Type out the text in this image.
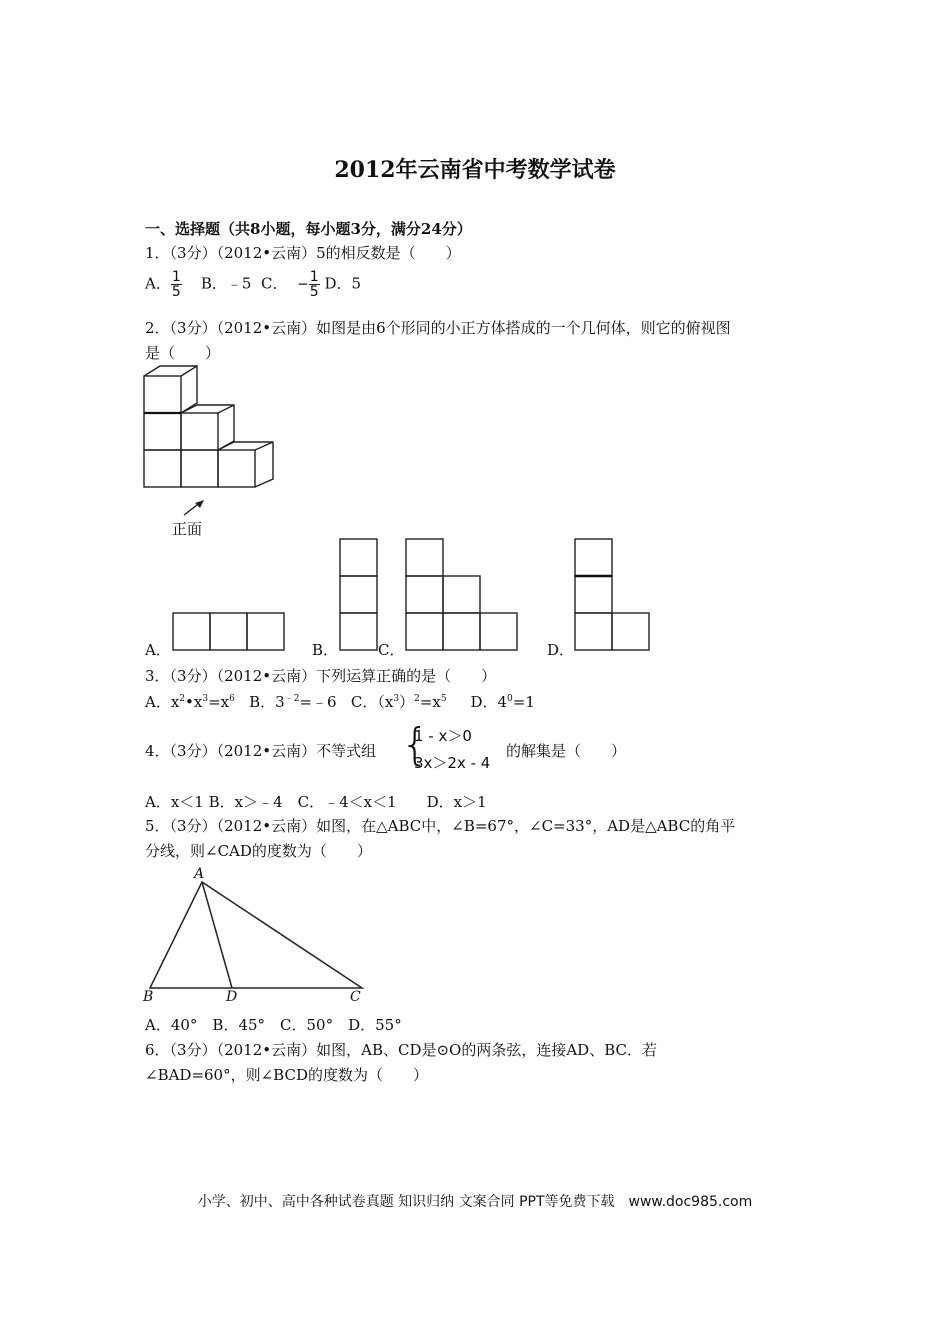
2012年云南省中考数学试卷
一、选择题（共8小题，每小题3分，满分24分）
1．（3分）（2012•云南）5的相反数是（　　）
A． $\frac{1}{5}$ B．﹣5 C． − $\frac{1}{5}$ D．5
2．（3分）（2012•云南）如图是由6个形同的小正方体搭成的一个几何体，则它的俯视图
是（　　）
正面
A．	B．	C．	D．
3．（3分）（2012•云南）下列运算正确的是（　　）
A．$x^2•x^3=x^6$ B．$3^{﹣2}=﹣6$ C．$(x^3)^2=x^5$ D．$4^0=1$
4．（3分）（2012•云南）不等式组 {
1 - x＞0
3x＞2x - 4
的解集是（　　）
A．x＜1 B．x＞﹣4　C．﹣4＜x＜1　　D．x＞1
5．（3分）（2012•云南）如图，在△ABC中，∠B=67°，∠C=33°，AD是△ABC的角平
分线，则∠CAD的度数为（　　）
A
B	D	C
A．40°　B．45°　C．50°　D．55°
6．（3分）（2012•云南）如图，AB、CD是⊙O的两条弦，连接AD、BC．若
∠BAD=60°，则∠BCD的度数为（　　）
小学、初中、高中各种试卷真题 知识归纳 文案合同 PPT等免费下载　www.doc985.com
